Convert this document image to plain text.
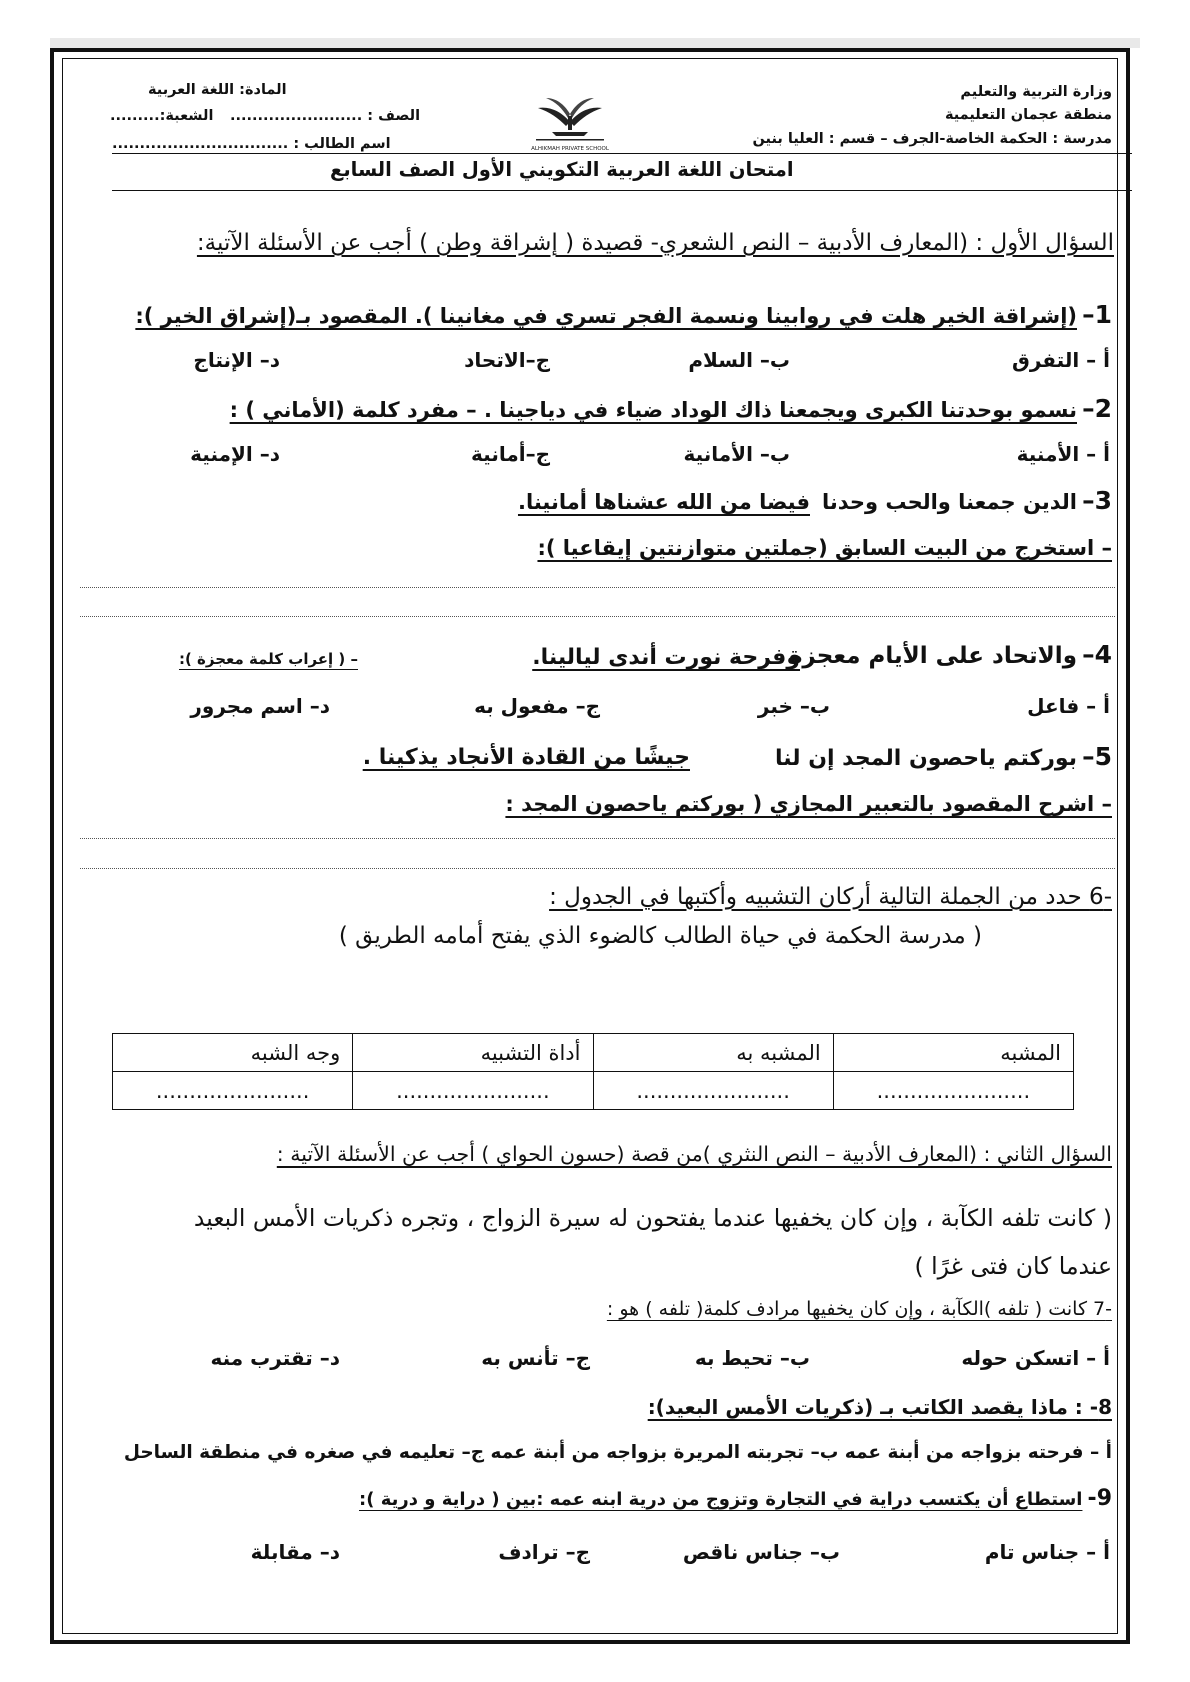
وزارة التربية والتعليم
منطقة عجمان التعليمية
مدرسة : الحكمة الخاصة-الجرف – قسم : العليا بنين
المادة: اللغة العربية
الصف : ........................
الشعبة:.........
اسم الطالب : ................................	ALHIKMAH PRIVATE SCHOOL
امتحان اللغة العربية التكويني الأول الصف السابع
السؤال الأول : (المعارف الأدبية – النص الشعري- قصيدة ( إشراقة وطن ) أجب عن الأسئلة الآتية:
1– (إشراقة الخير هلت في روابينا ونسمة الفجر تسري في مغانينا ). المقصود بـ(إشراق الخير ):
أ – التفرق
ب– السلام
ج–الاتحاد
د– الإنتاج
2– نسمو بوحدتنا الكبرى ويجمعنا ذاك الوداد ضياء في دياجينا . – مفرد كلمة (الأماني ) :
أ – الأمنية
ب– الأمانية
ج–أمانية
د– الإمنية
3– الدين جمعنا والحب وحدنا
فيضا من الله عشناها أمانينا.
– استخرج من البيت السابق (جملتين متوازنتين إيقاعيا ):
4– والاتحاد على الأيام معجزة
وفرحة نورت أندى ليالينا.
– ( إعراب كلمة معجزة ):
أ – فاعل
ب– خبر
ج– مفعول به
د– اسم مجرور
5– بوركتم ياحصون المجد إن لنا
جيشًا من القادة الأنجاد يذكينا .
– اشرح المقصود بالتعبير المجازي ( بوركتم ياحصون المجد :
-6 حدد من الجملة التالية أركان التشبيه وأكتبها في الجدول :
( مدرسة الحكمة في حياة الطالب كالضوء الذي يفتح أمامه الطريق )
المشبه	المشبه به	أداة التشبيه	وجه الشبه
.......................	.......................	.......................	.......................
السؤال الثاني : (المعارف الأدبية – النص النثري )من قصة (حسون الحواي ) أجب عن الأسئلة الآتية :
( كانت تلفه الكآبة ، وإن كان يخفيها عندما يفتحون له سيرة الزواج ، وتجره ذكريات الأمس البعيد
عندما كان فتى غرًا )
-7 كانت ( تلفه )الكآبة ، وإن كان يخفيها مرادف كلمة( تلفه ) هو :
أ – اتسكن حوله
ب– تحيط به
ج– تأنس به
د– تقترب منه
8- : ماذا يقصد الكاتب بـ (ذكريات الأمس البعيد):
أ – فرحته بزواجه من أبنة عمه ب– تجربته المريرة بزواجه من أبنة عمه ج– تعليمه في صغره في منطقة الساحل
9- استطاع أن يكتسب دراية في التجارة وتزوج من درية ابنه عمه :بين ( دراية و درية ):
أ – جناس تام
ب– جناس ناقص
ج– ترادف
د– مقابلة
